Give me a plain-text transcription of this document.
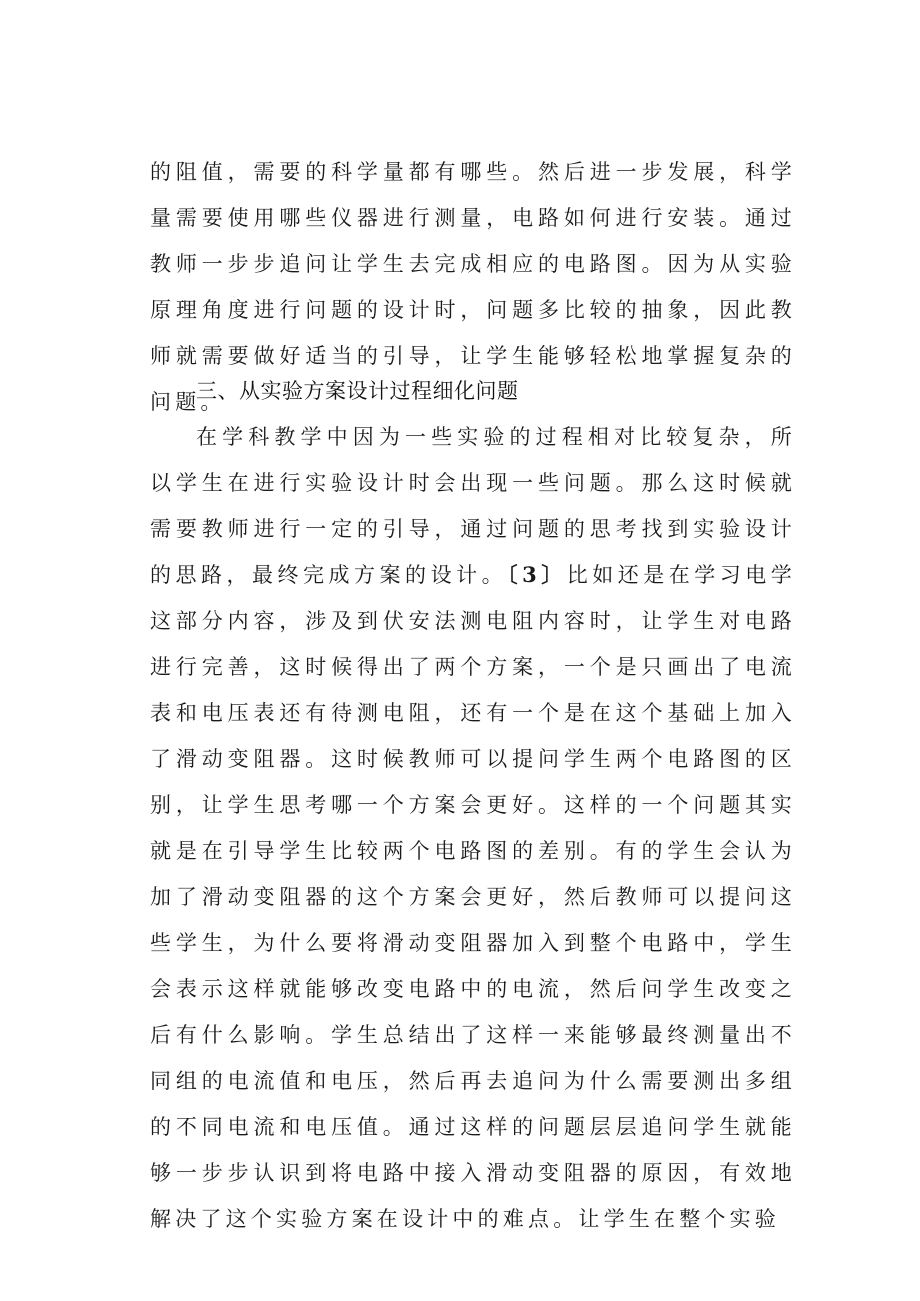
的阻值，需要的科学量都有哪些。然后进一步发展，科学量需要使用哪些仪器进行测量，电路如何进行安装。通过教师一步步追问让学生去完成相应的电路图。因为从实验原理角度进行问题的设计时，问题多比较的抽象，因此教师就需要做好适当的引导，让学生能够轻松地掌握复杂的问题。
三、从实验方案设计过程细化问题
在学科教学中因为一些实验的过程相对比较复杂，所以学生在进行实验设计时会出现一些问题。那么这时候就需要教师进行一定的引导，通过问题的思考找到实验设计的思路，最终完成方案的设计。〔3〕比如还是在学习电学这部分内容，涉及到伏安法测电阻内容时，让学生对电路进行完善，这时候得出了两个方案，一个是只画出了电流表和电压表还有待测电阻，还有一个是在这个基础上加入了滑动变阻器。这时候教师可以提问学生两个电路图的区别，让学生思考哪一个方案会更好。这样的一个问题其实就是在引导学生比较两个电路图的差别。有的学生会认为加了滑动变阻器的这个方案会更好，然后教师可以提问这些学生，为什么要将滑动变阻器加入到整个电路中，学生会表示这样就能够改变电路中的电流，然后问学生改变之后有什么影响。学生总结出了这样一来能够最终测量出不同组的电流值和电压，然后再去追问为什么需要测出多组的不同电流和电压值。通过这样的问题层层追问学生就能够一步步认识到将电路中接入滑动变阻器的原因，有效地解决了这个实验方案在设计中的难点。让学生在整个实验
